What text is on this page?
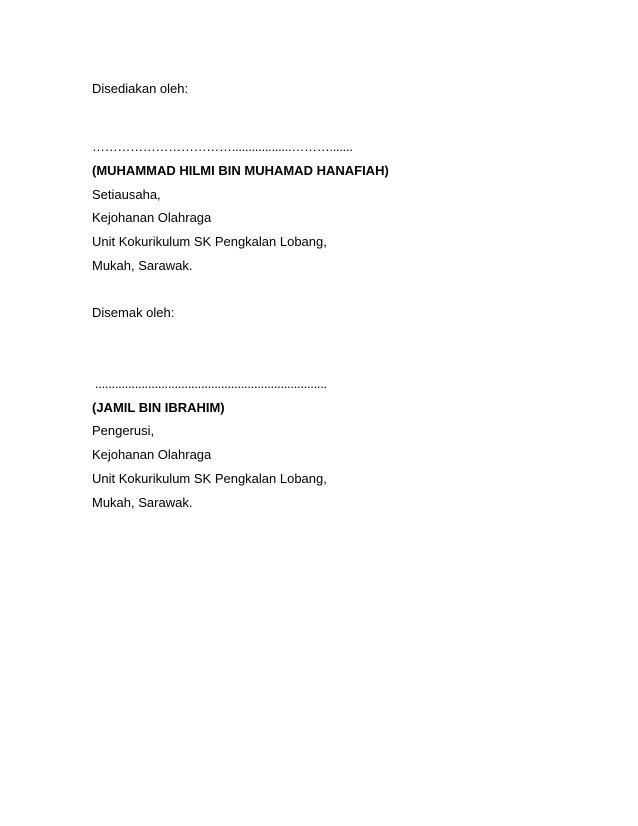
Disediakan oleh:
……………………………..................……….......
(MUHAMMAD HILMI BIN MUHAMAD HANAFIAH)
Setiausaha,
Kejohanan Olahraga
Unit Kokurikulum SK Pengkalan Lobang,
Mukah, Sarawak.
Disemak oleh:
......................................................................
(JAMIL BIN IBRAHIM)
Pengerusi,
Kejohanan Olahraga
Unit Kokurikulum SK Pengkalan Lobang,
Mukah, Sarawak.
